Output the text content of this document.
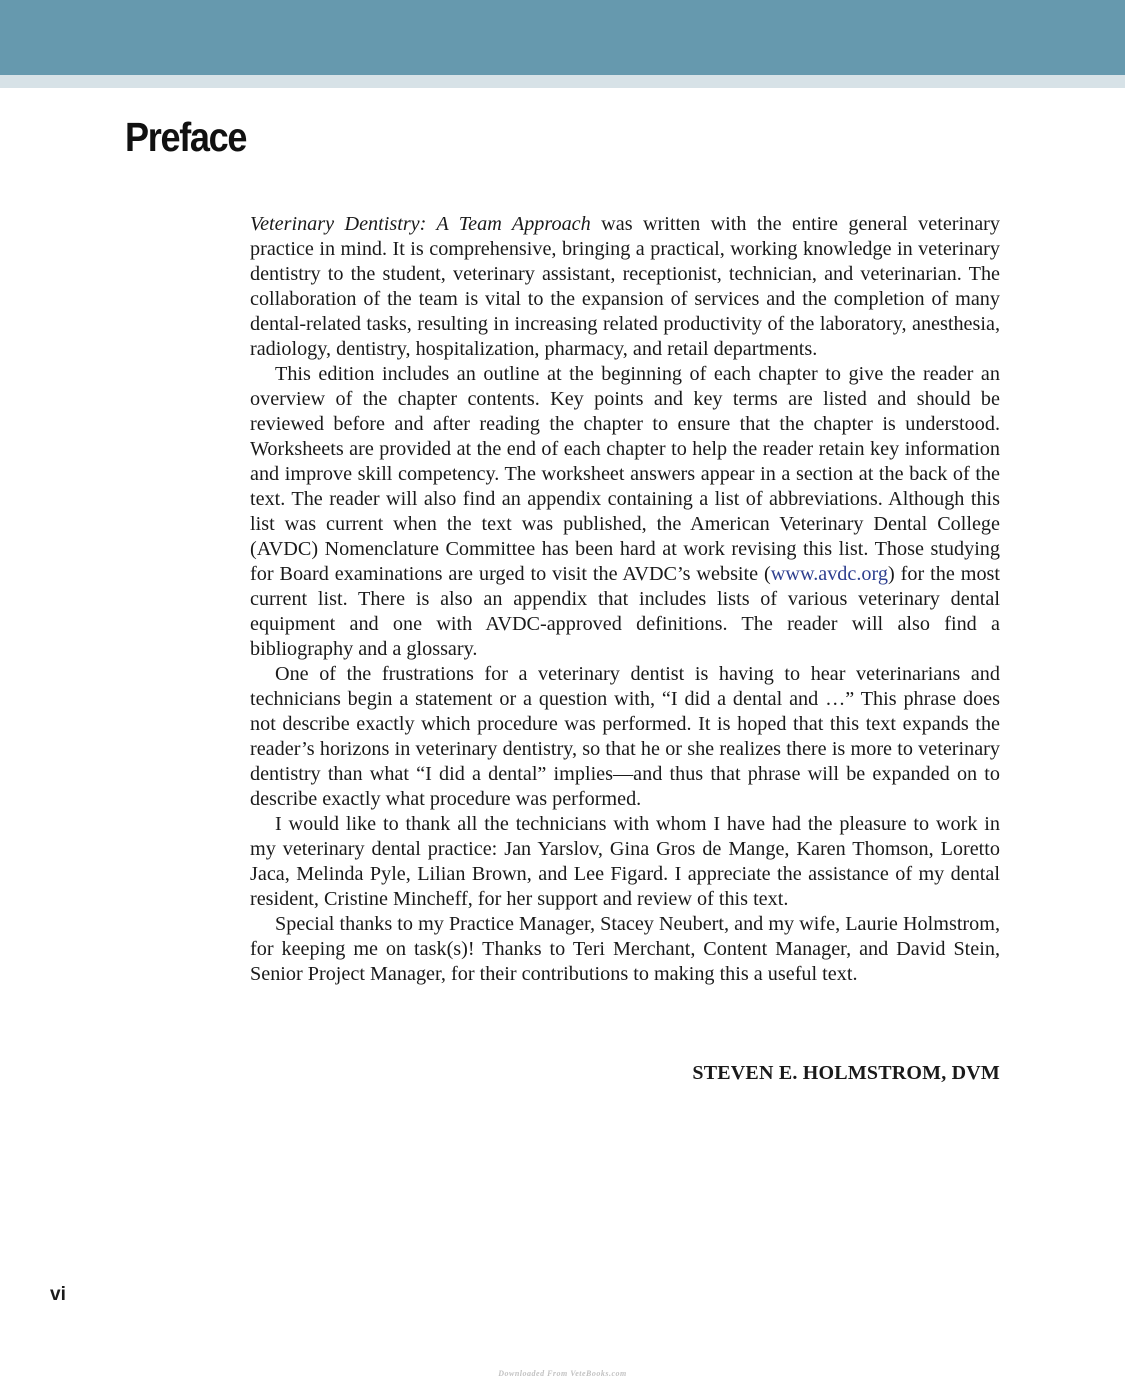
Preface

Veterinary Dentistry: A Team Approach was written with the entire general veterinary practice in mind. It is comprehensive, bringing a practical, working knowledge in veterinary dentistry to the student, veterinary assistant, receptionist, technician, and veterinarian. The collaboration of the team is vital to the expansion of services and the completion of many dental-related tasks, resulting in increasing related productivity of the laboratory, anesthesia, radiology, dentistry, hospitalization, pharmacy, and retail departments.

This edition includes an outline at the beginning of each chapter to give the reader an overview of the chapter contents. Key points and key terms are listed and should be reviewed before and after reading the chapter to ensure that the chapter is understood. Worksheets are provided at the end of each chapter to help the reader retain key information and improve skill competency. The worksheet answers appear in a section at the back of the text. The reader will also find an appendix containing a list of abbreviations. Although this list was current when the text was published, the American Veterinary Dental College (AVDC) Nomenclature Committee has been hard at work revising this list. Those studying for Board examinations are urged to visit the AVDC’s website (www.avdc.org) for the most current list. There is also an appendix that includes lists of various veterinary dental equipment and one with AVDC-approved definitions. The reader will also find a bibliography and a glossary.

One of the frustrations for a veterinary dentist is having to hear veterinarians and technicians begin a statement or a question with, “I did a dental and …” This phrase does not describe exactly which procedure was performed. It is hoped that this text expands the reader’s horizons in veterinary dentistry, so that he or she realizes there is more to veterinary dentistry than what “I did a dental” implies—and thus that phrase will be expanded on to describe exactly what procedure was performed.

I would like to thank all the technicians with whom I have had the pleasure to work in my veterinary dental practice: Jan Yarslov, Gina Gros de Mange, Karen Thomson, Loretto Jaca, Melinda Pyle, Lilian Brown, and Lee Figard. I appreciate the assistance of my dental resident, Cristine Mincheff, for her support and review of this text.

Special thanks to my Practice Manager, Stacey Neubert, and my wife, Laurie Holmstrom, for keeping me on task(s)! Thanks to Teri Merchant, Content Manager, and David Stein, Senior Project Manager, for their contributions to making this a useful text.

STEVEN E. HOLMSTROM, DVM

vi

Downloaded From VeteBooks.com
